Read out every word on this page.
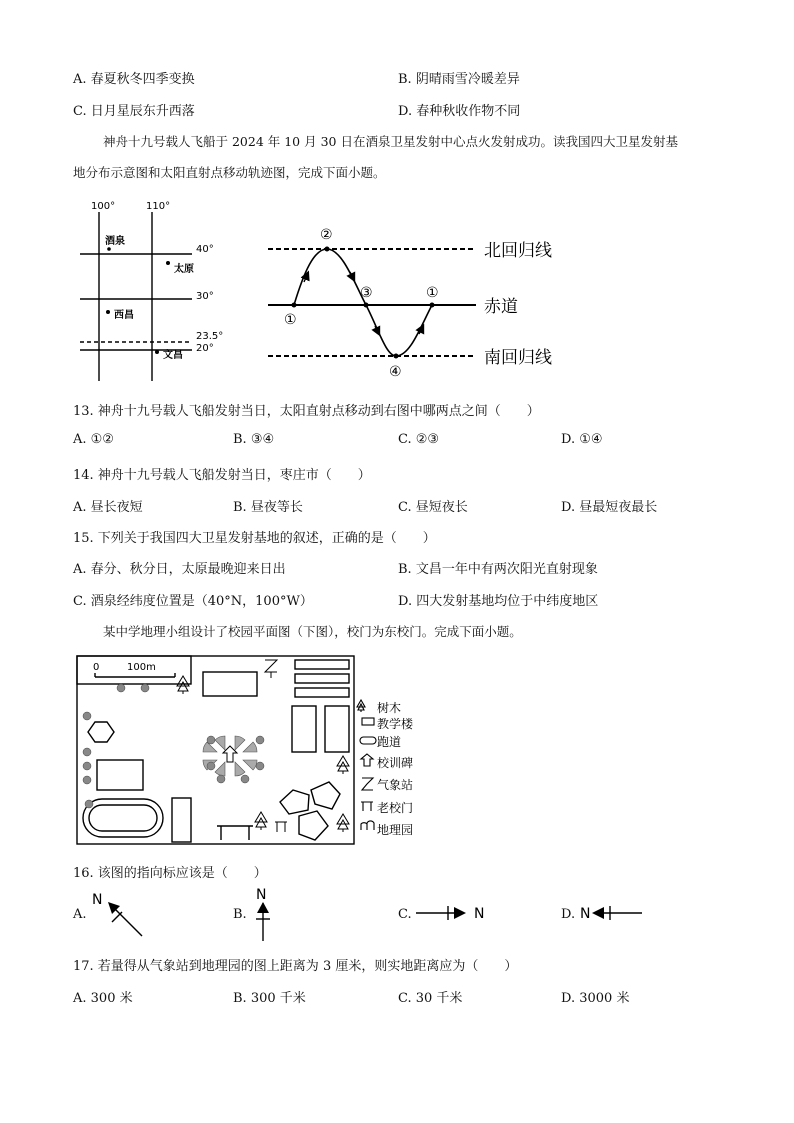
A. 春夏秋冬四季变换	B. 阴晴雨雪冷暖差异
C. 日月星辰东升西落	D. 春种秋收作物不同
神舟十九号载人飞船于 2024 年 10 月 30 日在酒泉卫星发射中心点火发射成功。读我国四大卫星发射基
地分布示意图和太阳直射点移动轨迹图，完成下面小题。
100°	110°
40°
30°
23.5°
20°
酒泉
太原
西昌
文昌
①
②
③	①
④
北回归线
赤道
南回归线
13. 神舟十九号载人飞船发射当日，太阳直射点移动到右图中哪两点之间（　　）
A. ①②	B. ③④	C. ②③	D. ①④
14. 神舟十九号载人飞船发射当日，枣庄市（　　）
A. 昼长夜短	B. 昼夜等长	C. 昼短夜长	D. 昼最短夜最长
15. 下列关于我国四大卫星发射基地的叙述，正确的是（　　）
A. 春分、秋分日，太原最晚迎来日出	B. 文昌一年中有两次阳光直射现象
C. 酒泉经纬度位置是（40°N，100°W）	D. 四大发射基地均位于中纬度地区
某中学地理小组设计了校园平面图（下图），校门为东校门。完成下面小题。
0	100m
树木
教学楼
跑道
校训碑
气象站
老校门
地理园
16. 该图的指向标应该是（　　）
A.
N
B.
N
C.	N	D. N
17. 若量得从气象站到地理园的图上距离为 3 厘米，则实地距离应为（　　）
A. 300 米	B. 300 千米	C. 30 千米	D. 3000 米
